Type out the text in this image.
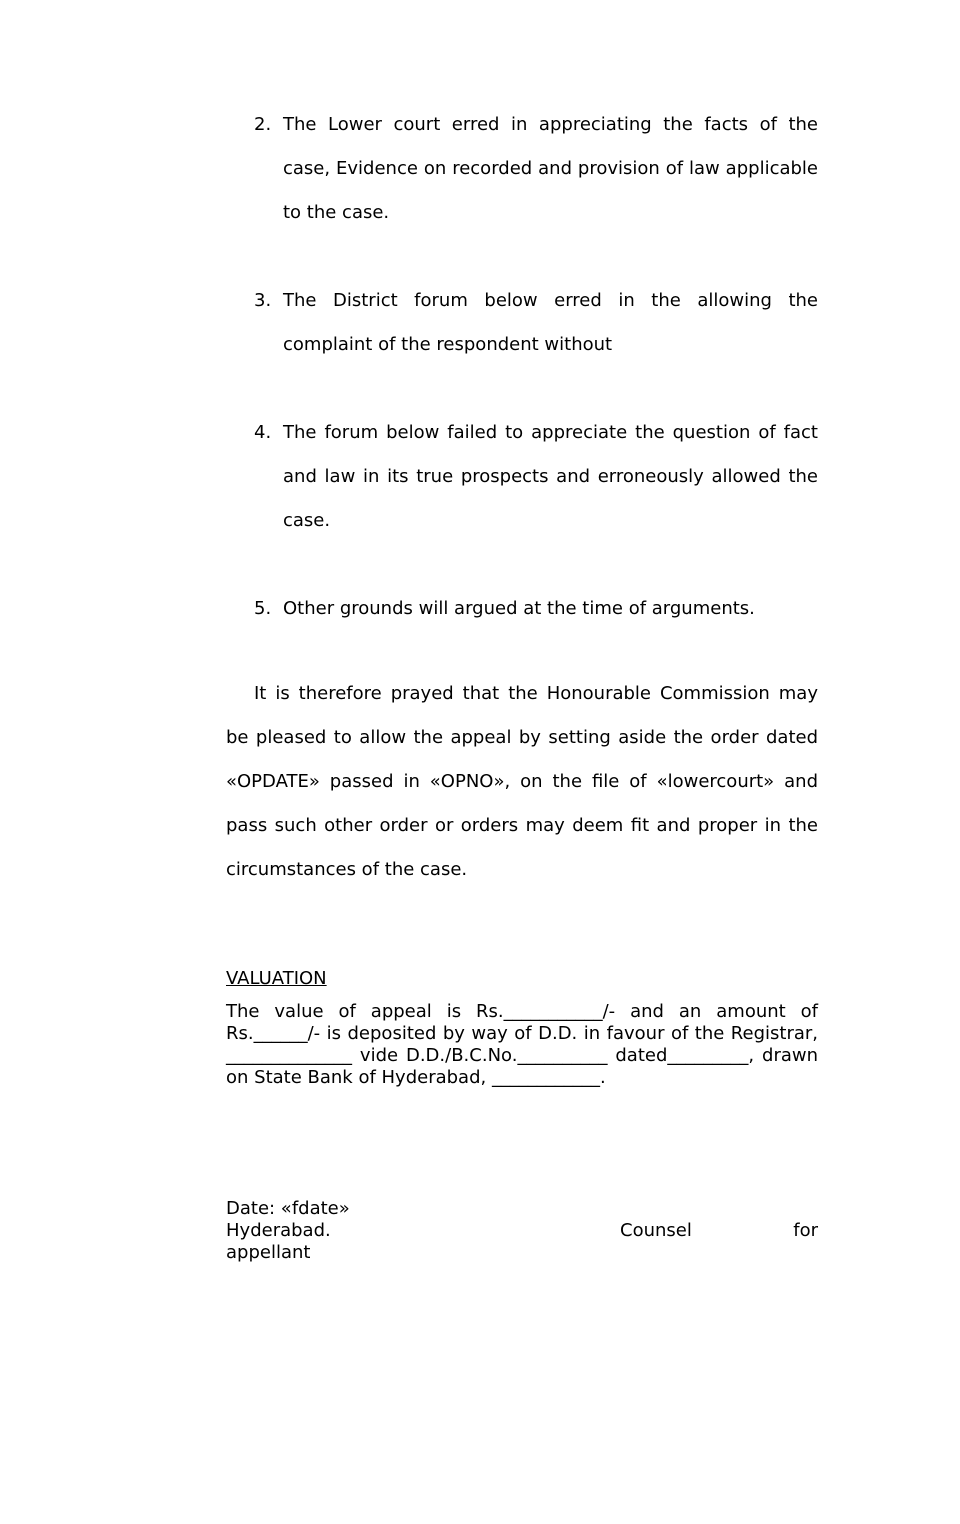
2. The Lower court erred in appreciating the facts of the case, Evidence on recorded and provision of law applicable to the case.
3. The District forum below erred in the allowing the complaint of the respondent without
4. The forum below failed to appreciate the question of fact and law in its true prospects and erroneously allowed the case.
5. Other grounds will argued at the time of arguments.

It is therefore prayed that the Honourable Commission may be pleased to allow the appeal by setting aside the order dated «OPDATE» passed in «OPNO», on the file of «lowercourt» and pass such other order or orders may deem fit and proper in the circumstances of the case.

VALUATION

The value of appeal is Rs.___________/- and an amount of Rs.______/- is deposited by way of D.D. in favour of the Registrar, ______________ vide D.D./B.C.No.__________ dated_________, drawn on State Bank of Hyderabad, ____________.

Date: «fdate»
Hyderabad.	Counsel	for
appellant
